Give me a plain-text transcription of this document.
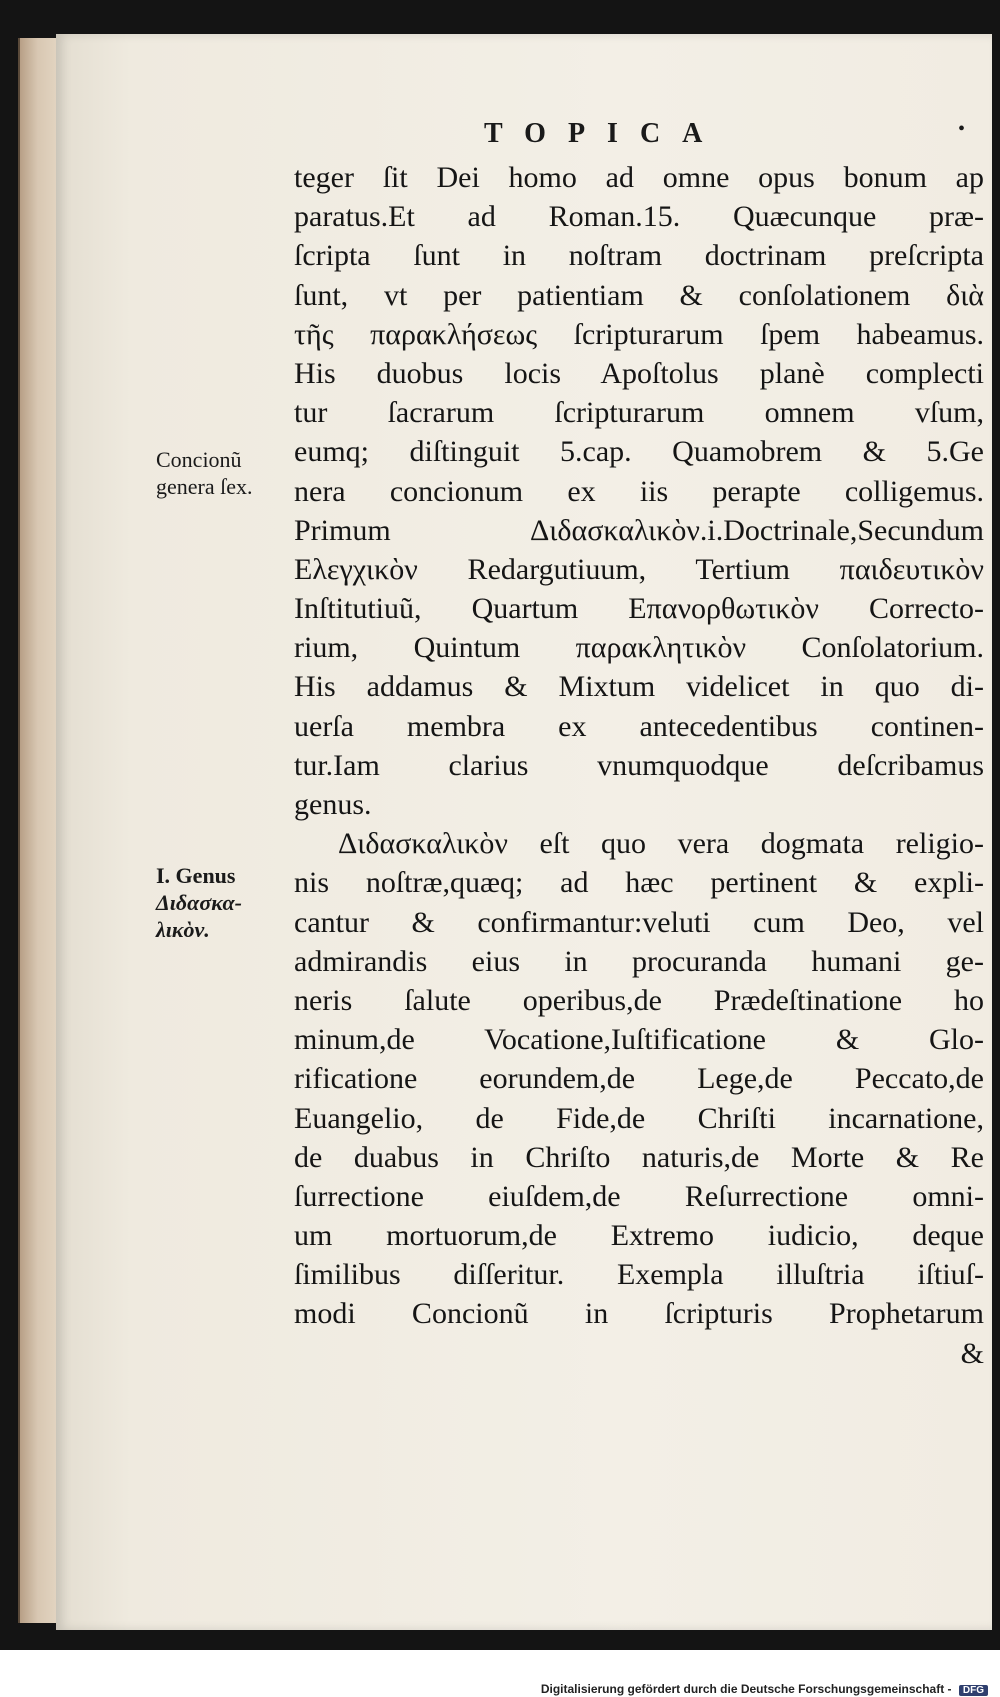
TOPICA	•
teger ſit Dei homo ad omne opus bonum ap
paratus.Et ad Roman.15. Quæcunque præ-
ſcripta ſunt in noſtram doctrinam preſcripta
ſunt, vt per patientiam & conſolationem διὰ
τῆς παρακλήσεως ſcripturarum ſpem habeamus.
His duobus locis Apoſtolus planè complecti
tur ſacrarum ſcripturarum omnem vſum,
eumq; diſtinguit 5.cap. Quamobrem & 5.Ge
nera concionum ex iis perapte colligemus.
Primum Διδασκαλικὸν.i.Doctrinale,Secundum
Ελεγχικὸν Redargutiuum, Tertium παιδευτικὸν
Inſtitutiuũ, Quartum Επανορθωτικὸν Correcto-
rium, Quintum παρακλητικὸν Conſolatorium.
His addamus & Mixtum videlicet in quo di-
uerſa membra ex antecedentibus continen-
tur.Iam clarius vnumquodque deſcribamus
genus.
Διδασκαλικὸν eſt quo vera dogmata religio-
nis noſtræ,quæq; ad hæc pertinent & expli-
cantur & confirmantur:veluti cum Deo, vel
admirandis eius in procuranda humani ge-
neris ſalute operibus,de Prædeſtinatione ho
minum,de Vocatione,Iuſtificatione & Glo-
rificatione eorundem,de Lege,de Peccato,de
Euangelio, de Fide,de Chriſti incarnatione,
de duabus in Chriſto naturis,de Morte & Re
ſurrectione eiuſdem,de Reſurrectione omni-
um mortuorum,de Extremo iudicio, deque
ſimilibus diſſeritur. Exempla illuſtria iſtiuſ-
modi Concionũ in ſcripturis Prophetarum
&

Concionũ
genera ſex.

I. Genus
Διδασκα-
λικὸν.

Digitalisierung gefördert durch die Deutsche Forschungsgemeinschaft - DFG
